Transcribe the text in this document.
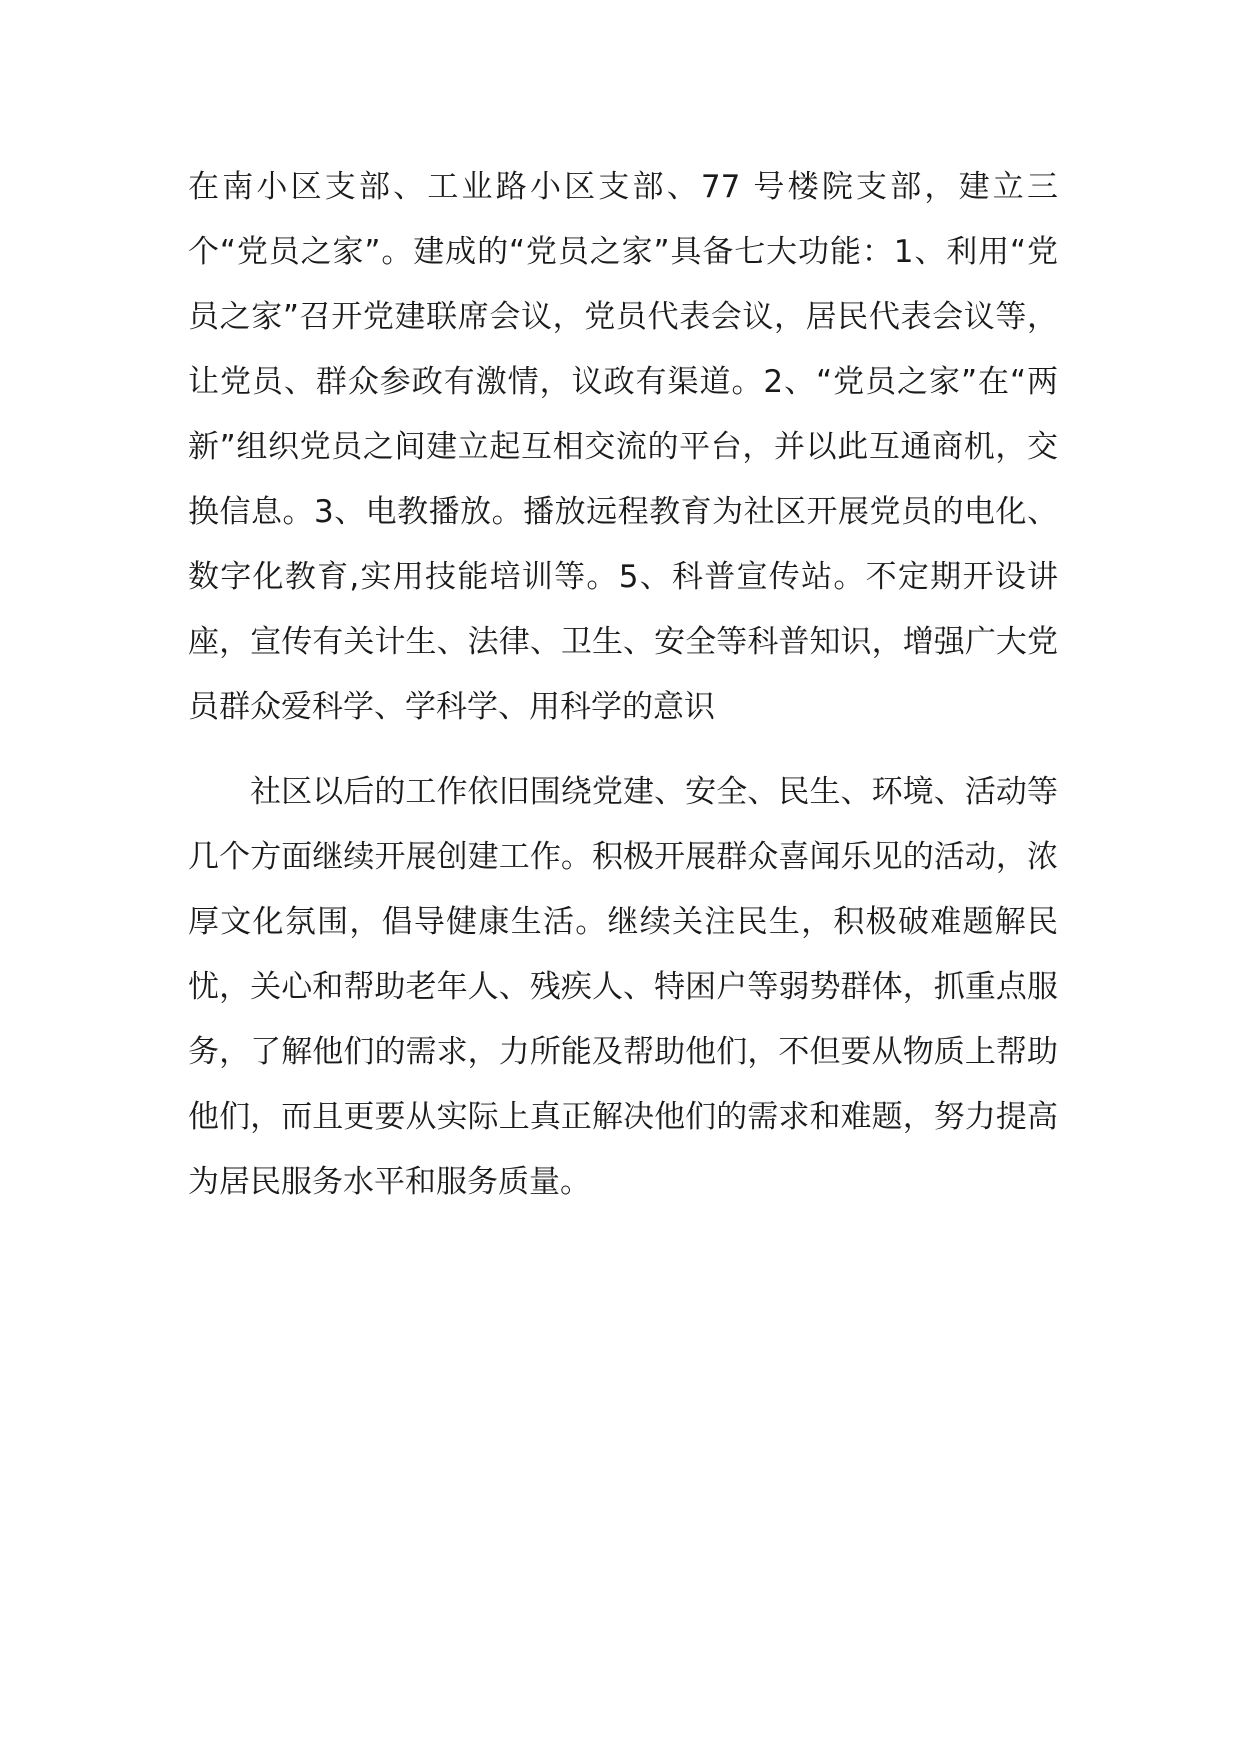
在南小区支部、工业路小区支部、77 号楼院支部，建立三个“党员之家”。建成的“党员之家”具备七大功能：1、利用“党员之家”召开党建联席会议，党员代表会议，居民代表会议等，让党员、群众参政有激情，议政有渠道。2、“党员之家”在“两新”组织党员之间建立起互相交流的平台，并以此互通商机，交换信息。3、电教播放。播放远程教育为社区开展党员的电化、数字化教育,实用技能培训等。5、科普宣传站。不定期开设讲座，宣传有关计生、法律、卫生、安全等科普知识，增强广大党员群众爱科学、学科学、用科学的意识

社区以后的工作依旧围绕党建、安全、民生、环境、活动等几个方面继续开展创建工作。积极开展群众喜闻乐见的活动，浓厚文化氛围，倡导健康生活。继续关注民生，积极破难题解民忧，关心和帮助老年人、残疾人、特困户等弱势群体，抓重点服务，了解他们的需求，力所能及帮助他们，不但要从物质上帮助他们，而且更要从实际上真正解决他们的需求和难题，努力提高为居民服务水平和服务质量。
